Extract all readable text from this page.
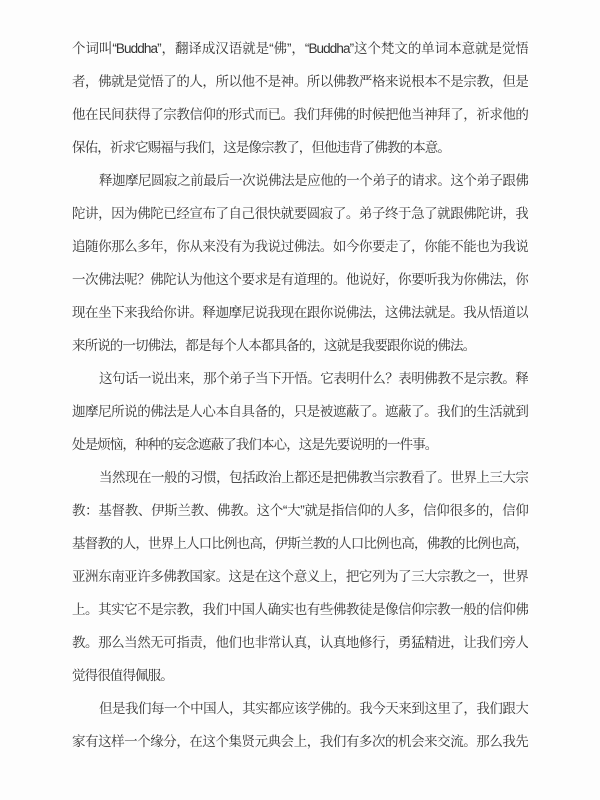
个词叫“Buddha”，翻译成汉语就是“佛”，“Buddha”这个梵文的单词本意就是觉悟
者，佛就是觉悟了的人，所以他不是神。所以佛教严格来说根本不是宗教，但是
他在民间获得了宗教信仰的形式而已。我们拜佛的时候把他当神拜了，祈求他的
保佑，祈求它赐福与我们，这是像宗教了，但他违背了佛教的本意。
释迦摩尼圆寂之前最后一次说佛法是应他的一个弟子的请求。这个弟子跟佛
陀讲，因为佛陀已经宣布了自己很快就要圆寂了。弟子终于急了就跟佛陀讲，我
追随你那么多年，你从来没有为我说过佛法。如今你要走了，你能不能也为我说
一次佛法呢？佛陀认为他这个要求是有道理的。他说好，你要听我为你佛法，你
现在坐下来我给你讲。释迦摩尼说我现在跟你说佛法，这佛法就是。我从悟道以
来所说的一切佛法，都是每个人本都具备的，这就是我要跟你说的佛法。
这句话一说出来，那个弟子当下开悟。它表明什么？表明佛教不是宗教。释
迦摩尼所说的佛法是人心本自具备的，只是被遮蔽了。遮蔽了。我们的生活就到
处是烦恼，种种的妄念遮蔽了我们本心，这是先要说明的一件事。
当然现在一般的习惯，包括政治上都还是把佛教当宗教看了。世界上三大宗
教：基督教、伊斯兰教、佛教。这个“大”就是指信仰的人多，信仰很多的，信仰
基督教的人，世界上人口比例也高，伊斯兰教的人口比例也高，佛教的比例也高，
亚洲东南亚许多佛教国家。这是在这个意义上，把它列为了三大宗教之一，世界
上。其实它不是宗教，我们中国人确实也有些佛教徒是像信仰宗教一般的信仰佛
教。那么当然无可指责，他们也非常认真，认真地修行，勇猛精进，让我们旁人
觉得很值得佩服。
但是我们每一个中国人，其实都应该学佛的。我今天来到这里了，我们跟大
家有这样一个缘分，在这个集贤元典会上，我们有多次的机会来交流。那么我先
